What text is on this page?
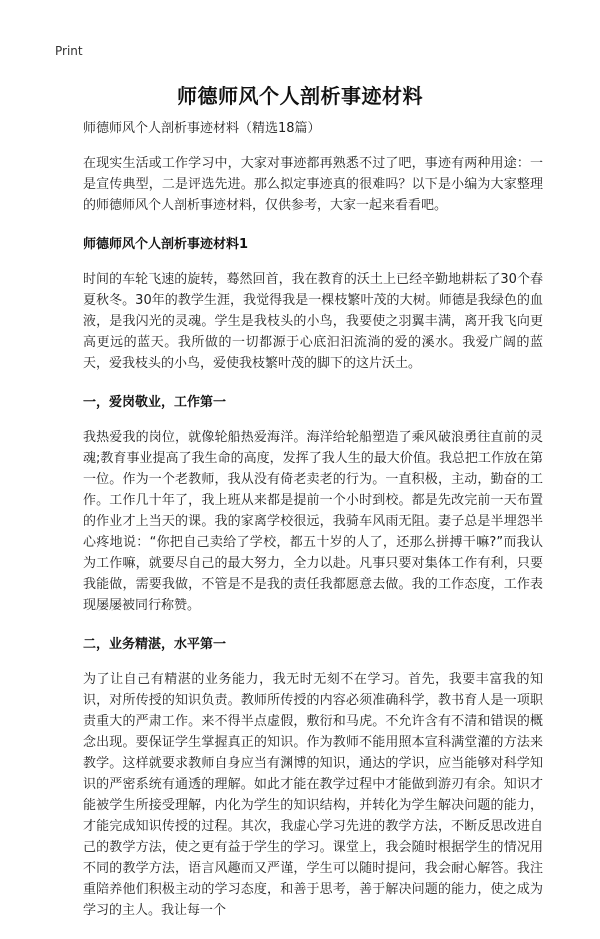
Print
师德师风个人剖析事迹材料

师德师风个人剖析事迹材料（精选18篇）

在现实生活或工作学习中，大家对事迹都再熟悉不过了吧，事迹有两种用途：一是宣传典型，二是评选先进。那么拟定事迹真的很难吗？以下是小编为大家整理的师德师风个人剖析事迹材料，仅供参考，大家一起来看看吧。

师德师风个人剖析事迹材料1

时间的车轮飞速的旋转，蓦然回首，我在教育的沃土上已经辛勤地耕耘了30个春夏秋冬。30年的教学生涯，我觉得我是一棵枝繁叶茂的大树。师德是我绿色的血液，是我闪光的灵魂。学生是我枝头的小鸟，我要使之羽翼丰满，离开我飞向更高更远的蓝天。我所做的一切都源于心底汩汩流淌的爱的溪水。我爱广阔的蓝天，爱我枝头的小鸟，爱使我枝繁叶茂的脚下的这片沃土。

一，爱岗敬业，工作第一

我热爱我的岗位，就像轮船热爱海洋。海洋给轮船塑造了乘风破浪勇往直前的灵魂;教育事业提高了我生命的高度，发挥了我人生的最大价值。我总把工作放在第一位。作为一个老教师，我从没有倚老卖老的行为。一直积极，主动，勤奋的工作。工作几十年了，我上班从来都是提前一个小时到校。都是先改完前一天布置的作业才上当天的课。我的家离学校很远，我骑车风雨无阻。妻子总是半埋怨半心疼地说：“你把自己卖给了学校，都五十岁的人了，还那么拼搏干嘛?”而我认为工作嘛，就要尽自己的最大努力，全力以赴。凡事只要对集体工作有利，只要我能做，需要我做，不管是不是我的责任我都愿意去做。我的工作态度，工作表现屡屡被同行称赞。

二，业务精湛，水平第一

为了让自己有精湛的业务能力，我无时无刻不在学习。首先，我要丰富我的知识，对所传授的知识负责。教师所传授的内容必须准确科学，教书育人是一项职责重大的严肃工作。来不得半点虚假，敷衍和马虎。不允许含有不清和错误的概念出现。要保证学生掌握真正的知识。作为教师不能用照本宣科满堂灌的方法来教学。这样就要求教师自身应当有渊博的知识，通达的学识，应当能够对科学知识的严密系统有通透的理解。如此才能在教学过程中才能做到游刃有余。知识才能被学生所接受理解，内化为学生的知识结构，并转化为学生解决问题的能力，才能完成知识传授的过程。其次，我虚心学习先进的教学方法，不断反思改进自己的教学方法，使之更有益于学生的学习。课堂上，我会随时根据学生的情况用不同的教学方法，语言风趣而又严谨，学生可以随时提问，我会耐心解答。我注重陪养他们积极主动的学习态度，和善于思考，善于解决问题的能力，使之成为学习的主人。我让每一个
